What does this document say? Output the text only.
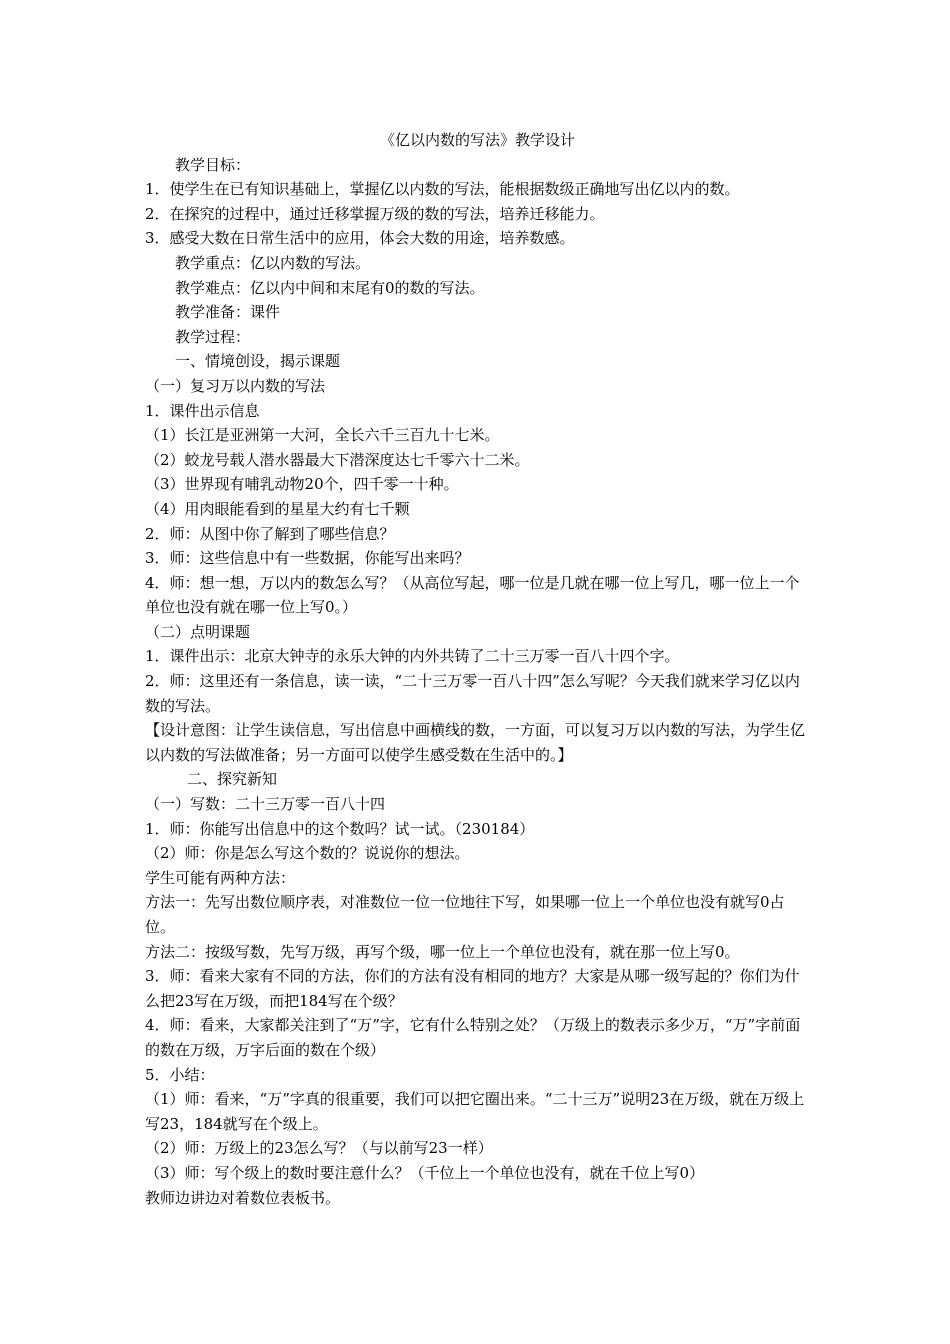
《亿以内数的写法》教学设计

教学目标：

1．使学生在已有知识基础上，掌握亿以内数的写法，能根据数级正确地写出亿以内的数。

2．在探究的过程中，通过迁移掌握万级的数的写法，培养迁移能力。

3．感受大数在日常生活中的应用，体会大数的用途，培养数感。

教学重点：亿以内数的写法。

教学难点：亿以内中间和末尾有0的数的写法。

教学准备：课件

教学过程：

一、情境创设，揭示课题

（一）复习万以内数的写法

1．课件出示信息

（1）长江是亚洲第一大河，全长六千三百九十七米。

（2）蛟龙号载人潜水器最大下潜深度达七千零六十二米。

（3）世界现有哺乳动物20个，四千零一十种。

（4）用肉眼能看到的星星大约有七千颗

2．师：从图中你了解到了哪些信息？

3．师：这些信息中有一些数据，你能写出来吗？

4．师：想一想，万以内的数怎么写？（从高位写起，哪一位是几就在哪一位上写几，哪一位上一个单位也没有就在哪一位上写0。）

（二）点明课题

1．课件出示：北京大钟寺的永乐大钟的内外共铸了二十三万零一百八十四个字。

2．师：这里还有一条信息，读一读，“二十三万零一百八十四”怎么写呢？今天我们就来学习亿以内数的写法。

【设计意图：让学生读信息，写出信息中画横线的数，一方面，可以复习万以内数的写法，为学生亿以内数的写法做准备；另一方面可以使学生感受数在生活中的。】

二、探究新知

（一）写数：二十三万零一百八十四

1．师：你能写出信息中的这个数吗？试一试。（230184）

（2）师：你是怎么写这个数的？说说你的想法。

学生可能有两种方法：

方法一：先写出数位顺序表，对准数位一位一位地往下写，如果哪一位上一个单位也没有就写0占位。

方法二：按级写数，先写万级，再写个级，哪一位上一个单位也没有，就在那一位上写0。

3．师：看来大家有不同的方法，你们的方法有没有相同的地方？大家是从哪一级写起的？你们为什么把23写在万级，而把184写在个级？

4．师：看来，大家都关注到了“万”字，它有什么特别之处？（万级上的数表示多少万，“万”字前面的数在万级，万字后面的数在个级）

5．小结：

（1）师：看来，“万”字真的很重要，我们可以把它圈出来。“二十三万”说明23在万级，就在万级上写23，184就写在个级上。

（2）师：万级上的23怎么写？（与以前写23一样）

（3）师：写个级上的数时要注意什么？（千位上一个单位也没有，就在千位上写0）

教师边讲边对着数位表板书。
